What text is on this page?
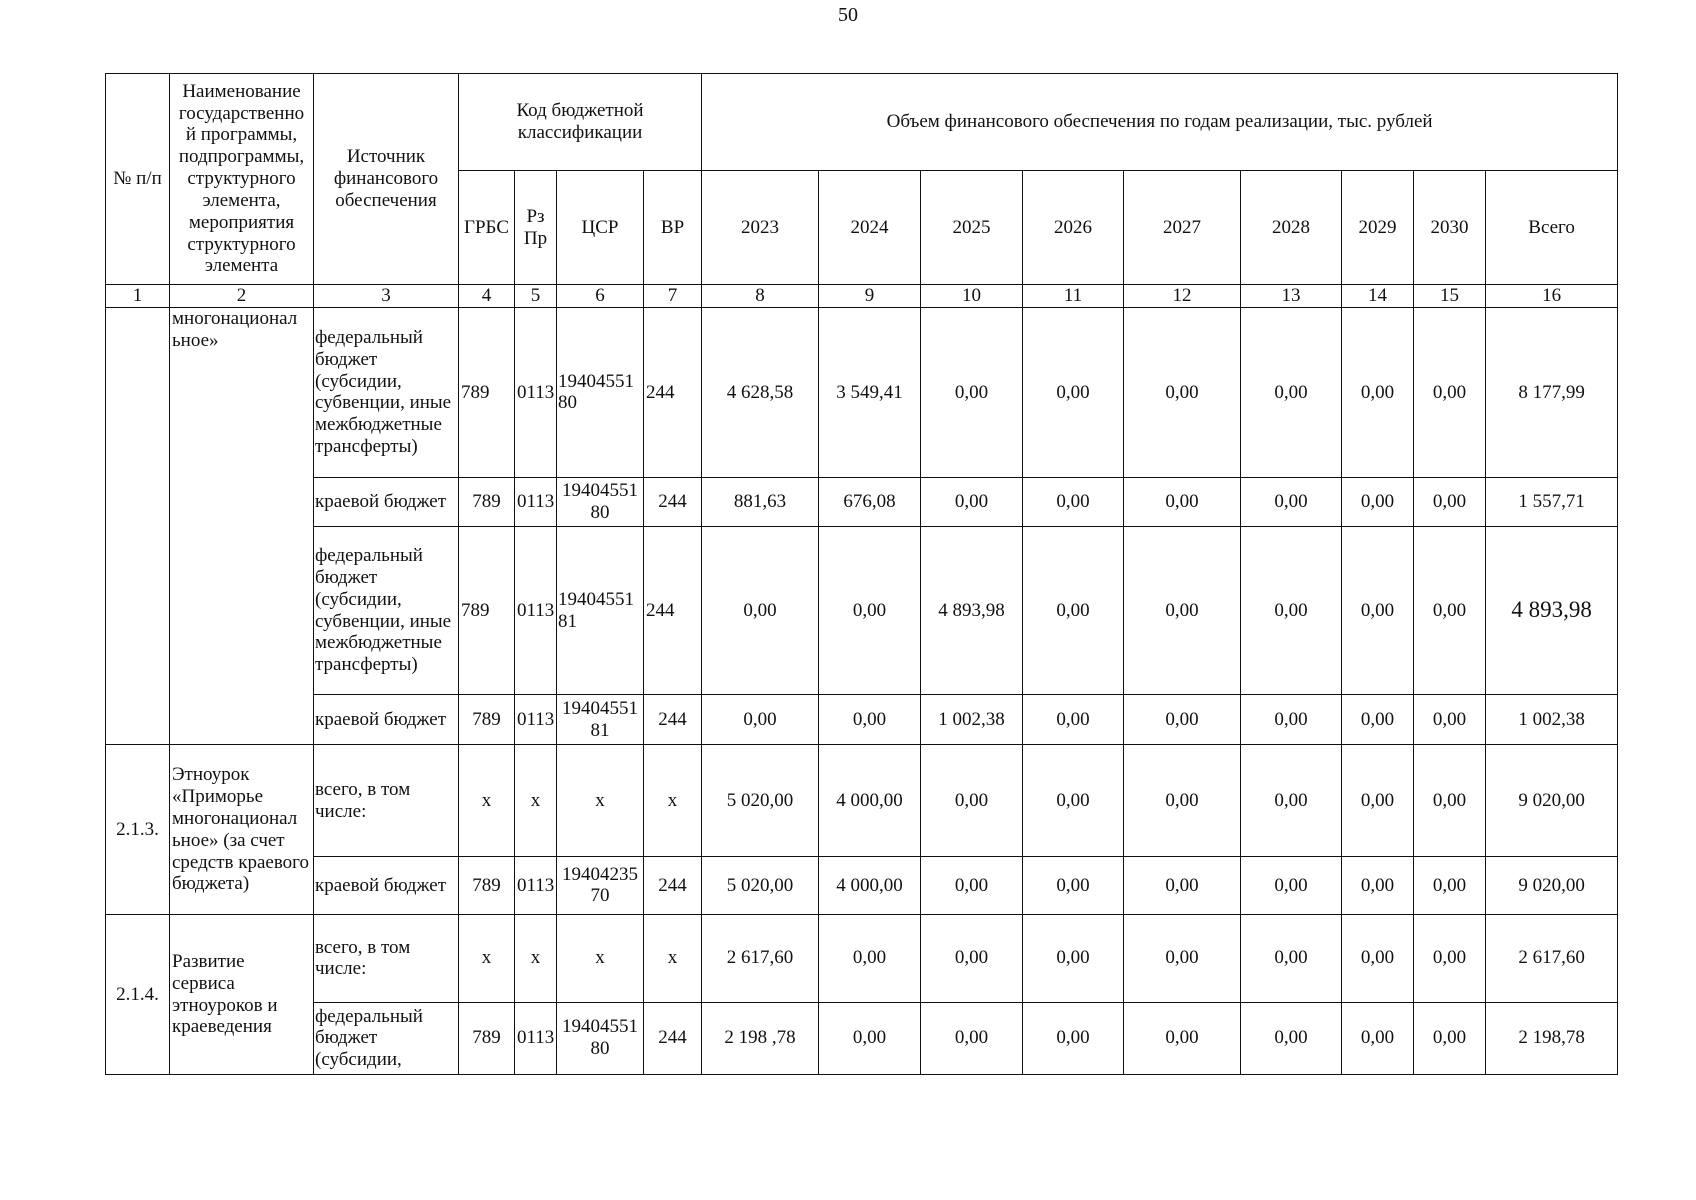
50
№ п/п	Наименование государственно й программы, подпрограммы, структурного элемента, мероприятия структурного элемента	Источник финансового обеспечения	Код бюджетной классификации				Объем финансового обеспечения по годам реализации, тыс. рублей								
			ГРБС	Рз Пр	ЦСР	ВР	2023	2024	2025	2026	2027	2028	2029	2030	Всего
1	2	3	4	5	6	7	8	9	10	11	12	13	14	15	16
	многонационал ьное»	федеральный бюджет (субсидии, субвенции, иные межбюджетные трансферты)	789	0113	19404551 80	244	4 628,58	3 549,41	0,00	0,00	0,00	0,00	0,00	0,00	8 177,99
		краевой бюджет	789	0113	19404551 80	244	881,63	676,08	0,00	0,00	0,00	0,00	0,00	0,00	1 557,71
		федеральный бюджет (субсидии, субвенции, иные межбюджетные трансферты)	789	0113	19404551 81	244	0,00	0,00	4 893,98	0,00	0,00	0,00	0,00	0,00	4 893,98
		краевой бюджет	789	0113	19404551 81	244	0,00	0,00	1 002,38	0,00	0,00	0,00	0,00	0,00	1 002,38
2.1.3.	Этноурок «Приморье многонационал ьное» (за счет средств краевого бюджета)	всего, в том числе:	x	x	x	x	5 020,00	4 000,00	0,00	0,00	0,00	0,00	0,00	0,00	9 020,00
		краевой бюджет	789	0113	19404235 70	244	5 020,00	4 000,00	0,00	0,00	0,00	0,00	0,00	0,00	9 020,00
2.1.4.	Развитие сервиса этноуроков и краеведения	всего, в том числе:	x	x	x	x	2 617,60	0,00	0,00	0,00	0,00	0,00	0,00	0,00	2 617,60
		федеральный бюджет (субсидии,	789	0113	19404551 80	244	2 198 ,78	0,00	0,00	0,00	0,00	0,00	0,00	0,00	2 198,78
